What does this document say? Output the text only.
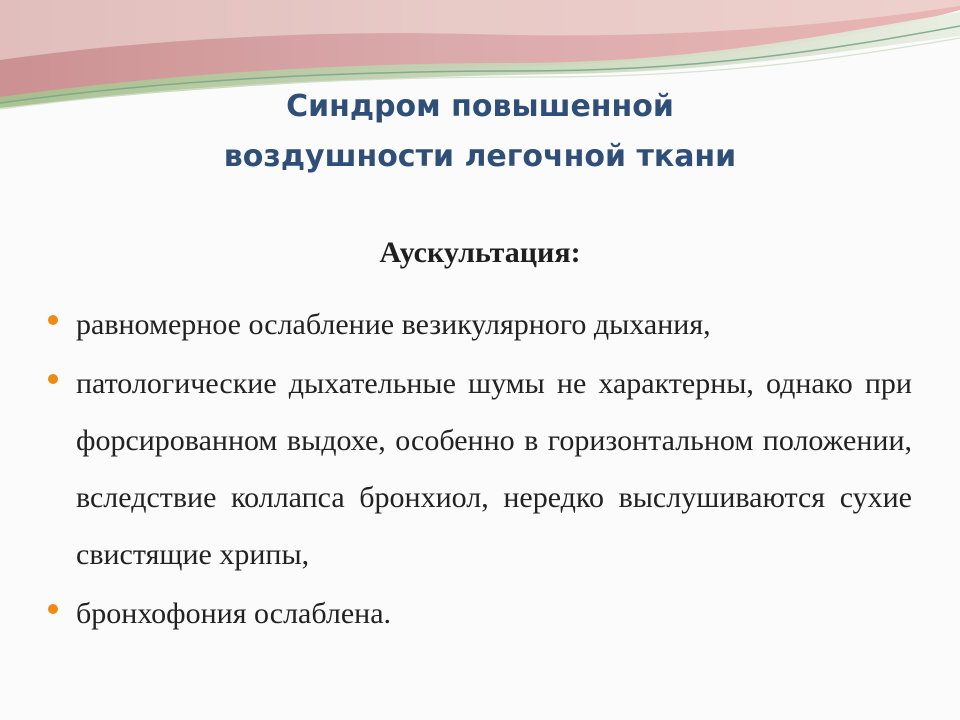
Синдром повышенной
воздушности легочной ткани
Аускультация:
равномерное ослабление везикулярного дыхания,
патологические дыхательные шумы не характерны, однако при форсированном выдохе, особенно в горизонтальном положении, вследствие коллапса бронхиол, нередко выслушиваются сухие свистящие хрипы,
бронхофония ослаблена.
